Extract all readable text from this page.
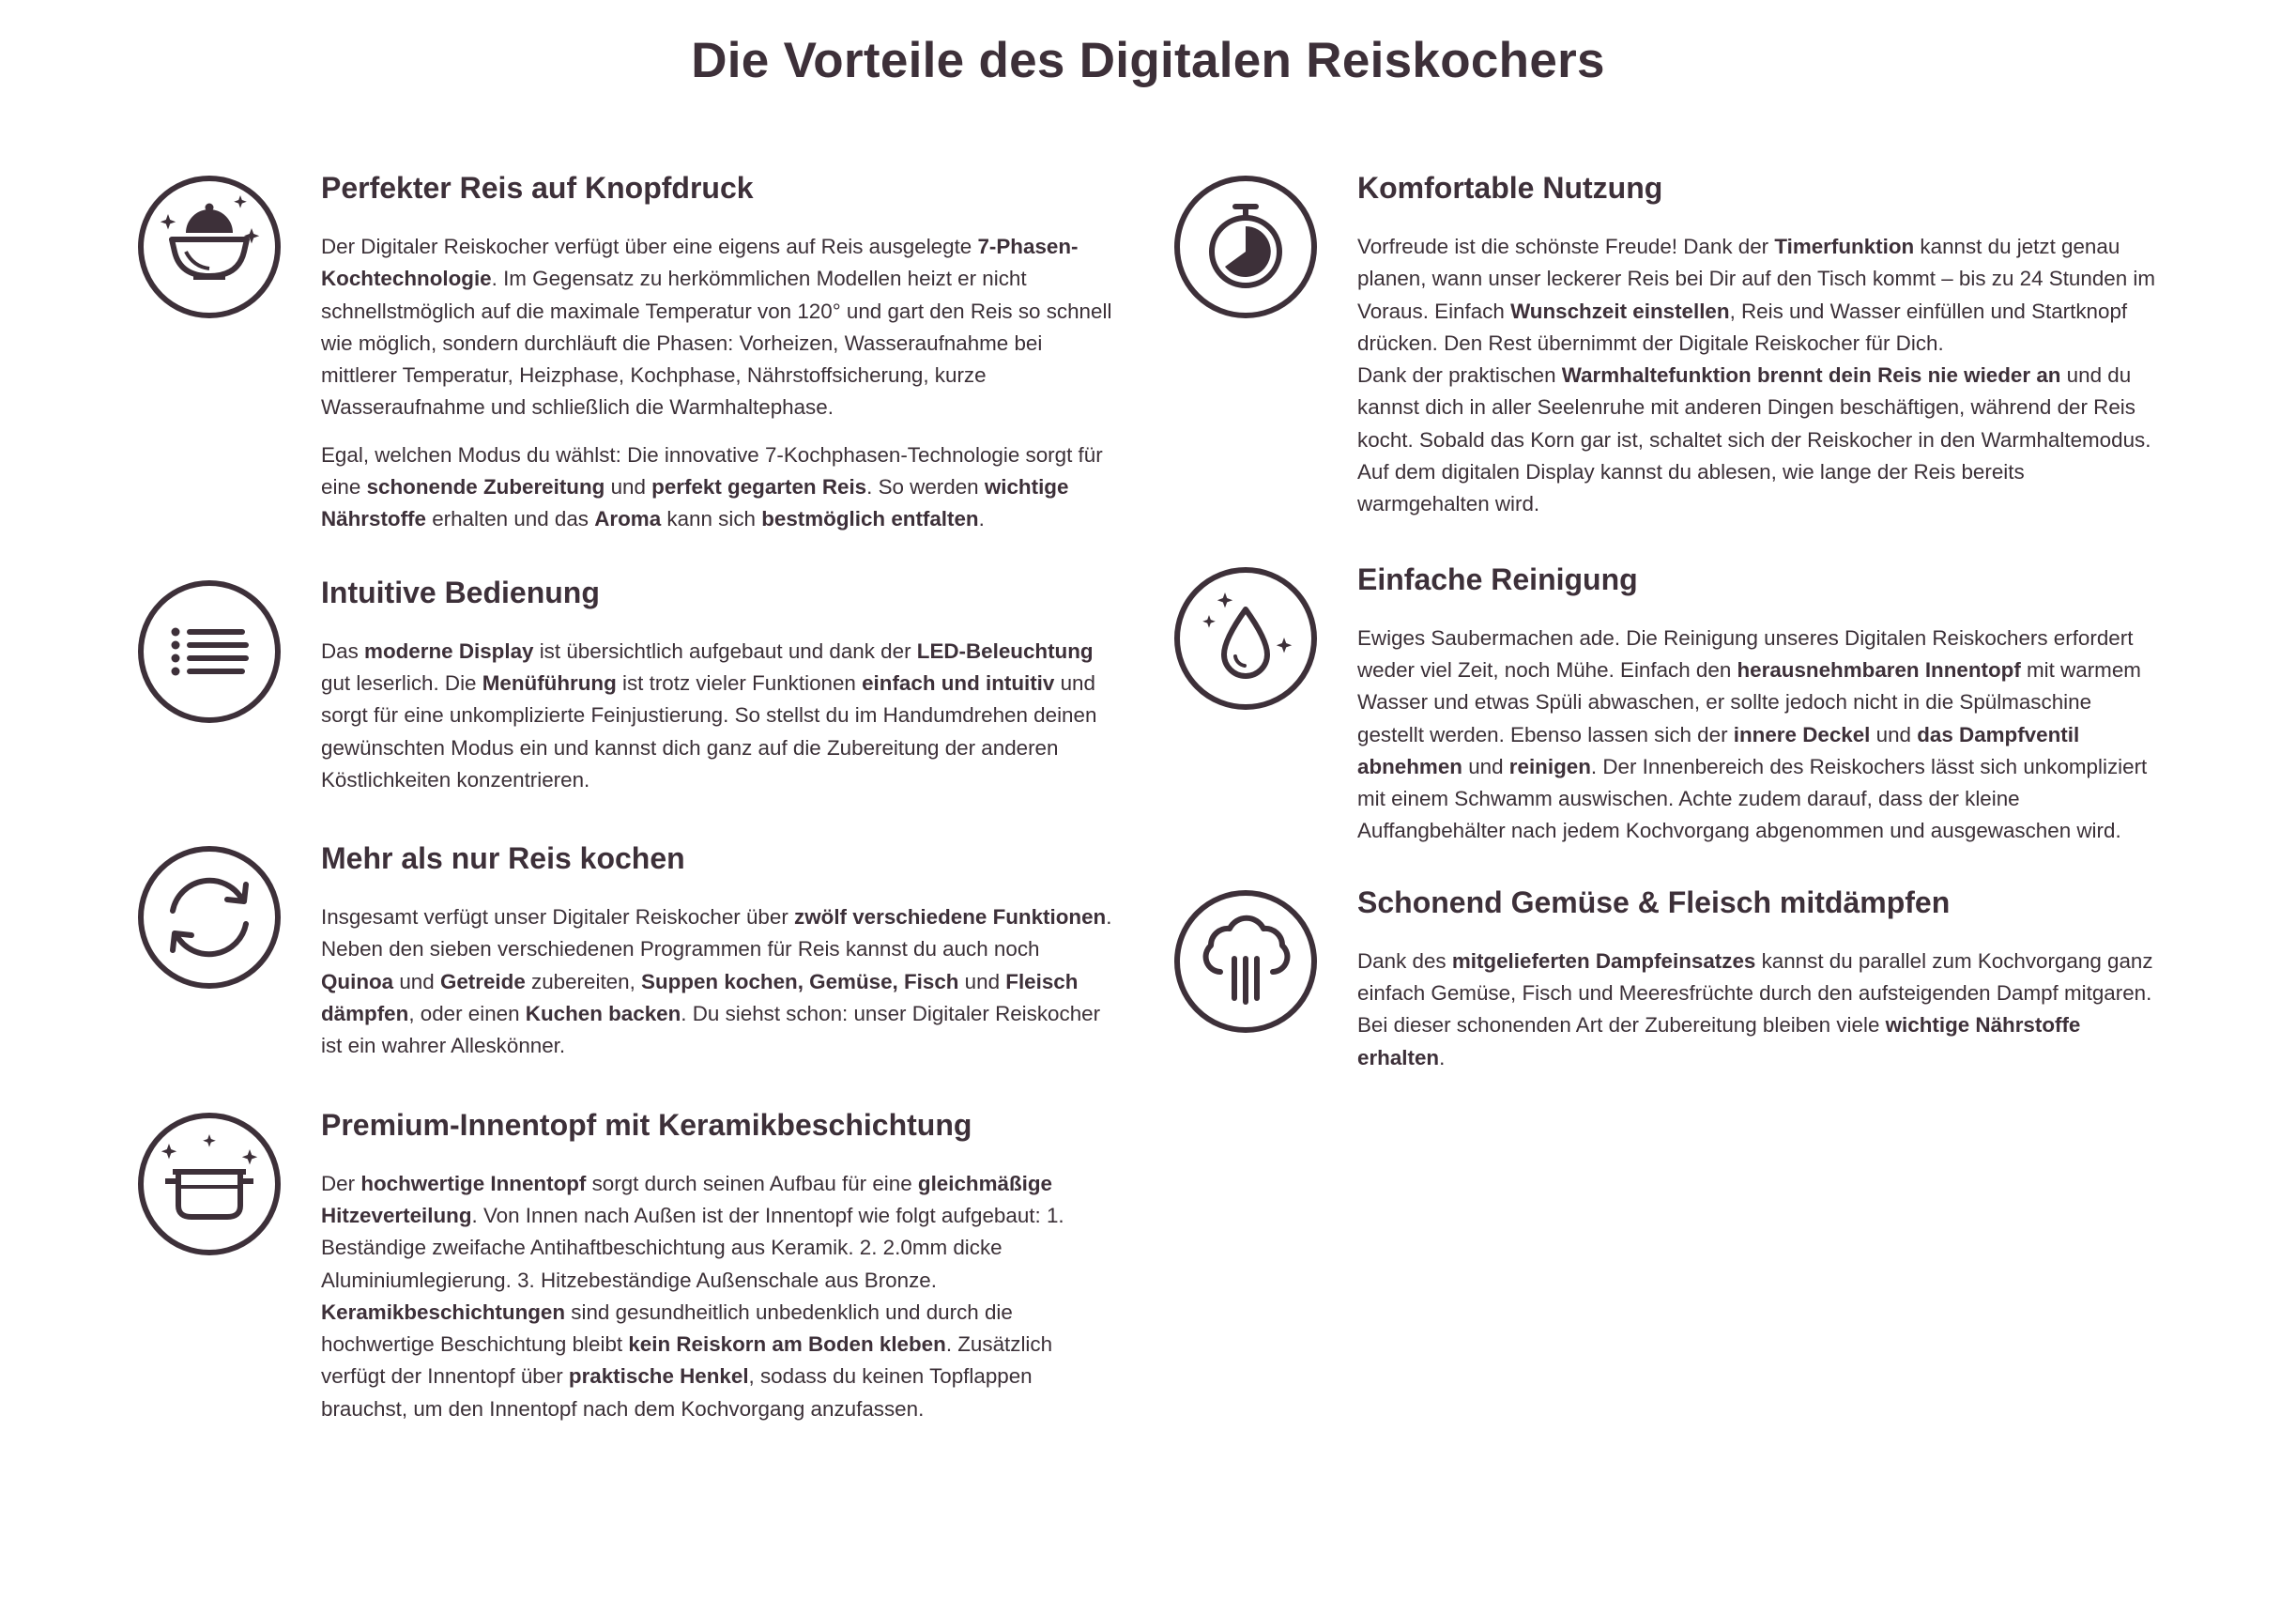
Die Vorteile des Digitalen Reiskochers
Perfekter Reis auf Knopfdruck

Der Digitaler Reiskocher verfügt über eine eigens auf Reis ausgelegte 7-Phasen-Kochtechnologie. Im Gegensatz zu herkömmlichen Modellen heizt er nicht schnellstmöglich auf die maximale Temperatur von 120° und gart den Reis so schnell wie möglich, sondern durchläuft die Phasen: Vorheizen, Wasseraufnahme bei mittlerer Temperatur, Heizphase, Kochphase, Nährstoffsicherung, kurze Wasseraufnahme und schließlich die Warmhaltephase.

Egal, welchen Modus du wählst: Die innovative 7-Kochphasen-Technologie sorgt für eine schonende Zubereitung und perfekt gegarten Reis. So werden wichtige Nährstoffe erhalten und das Aroma kann sich bestmöglich entfalten.

Intuitive Bedienung

Das moderne Display ist übersichtlich aufgebaut und dank der LED-Beleuchtung gut leserlich. Die Menüführung ist trotz vieler Funktionen einfach und intuitiv und sorgt für eine unkomplizierte Feinjustierung. So stellst du im Handumdrehen deinen gewünschten Modus ein und kannst dich ganz auf die Zubereitung der anderen Köstlichkeiten konzentrieren.

Mehr als nur Reis kochen

Insgesamt verfügt unser Digitaler Reiskocher über zwölf verschiedene Funktionen. Neben den sieben verschiedenen Programmen für Reis kannst du auch noch Quinoa und Getreide zubereiten, Suppen kochen, Gemüse, Fisch und Fleisch dämpfen, oder einen Kuchen backen. Du siehst schon: unser Digitaler Reiskocher ist ein wahrer Alleskönner.

Premium-Innentopf mit Keramikbeschichtung

Der hochwertige Innentopf sorgt durch seinen Aufbau für eine gleichmäßige Hitzeverteilung. Von Innen nach Außen ist der Innentopf wie folgt aufgebaut: 1. Beständige zweifache Antihaftbeschichtung aus Keramik. 2. 2.0mm dicke Aluminiumlegierung. 3. Hitzebeständige Außenschale aus Bronze. Keramikbeschichtungen sind gesundheitlich unbedenklich und durch die hochwertige Beschichtung bleibt kein Reiskorn am Boden kleben. Zusätzlich verfügt der Innentopf über praktische Henkel, sodass du keinen Topflappen brauchst, um den Innentopf nach dem Kochvorgang anzufassen.

Komfortable Nutzung

Vorfreude ist die schönste Freude! Dank der Timerfunktion kannst du jetzt genau planen, wann unser leckerer Reis bei Dir auf den Tisch kommt – bis zu 24 Stunden im Voraus. Einfach Wunschzeit einstellen, Reis und Wasser einfüllen und Startknopf drücken. Den Rest übernimmt der Digitale Reiskocher für Dich.
Dank der praktischen Warmhaltefunktion brennt dein Reis nie wieder an und du kannst dich in aller Seelenruhe mit anderen Dingen beschäftigen, während der Reis kocht. Sobald das Korn gar ist, schaltet sich der Reiskocher in den Warmhaltemodus. Auf dem digitalen Display kannst du ablesen, wie lange der Reis bereits warmgehalten wird.

Einfache Reinigung

Ewiges Saubermachen ade. Die Reinigung unseres Digitalen Reiskochers erfordert weder viel Zeit, noch Mühe. Einfach den herausnehmbaren Innentopf mit warmem Wasser und etwas Spüli abwaschen, er sollte jedoch nicht in die Spülmaschine gestellt werden. Ebenso lassen sich der innere Deckel und das Dampfventil abnehmen und reinigen. Der Innenbereich des Reiskochers lässt sich unkompliziert mit einem Schwamm auswischen. Achte zudem darauf, dass der kleine Auffangbehälter nach jedem Kochvorgang abgenommen und ausgewaschen wird.

Schonend Gemüse & Fleisch mitdämpfen

Dank des mitgelieferten Dampfeinsatzes kannst du parallel zum Kochvorgang ganz einfach Gemüse, Fisch und Meeresfrüchte durch den aufsteigenden Dampf mitgaren. Bei dieser schonenden Art der Zubereitung bleiben viele wichtige Nährstoffe erhalten.
